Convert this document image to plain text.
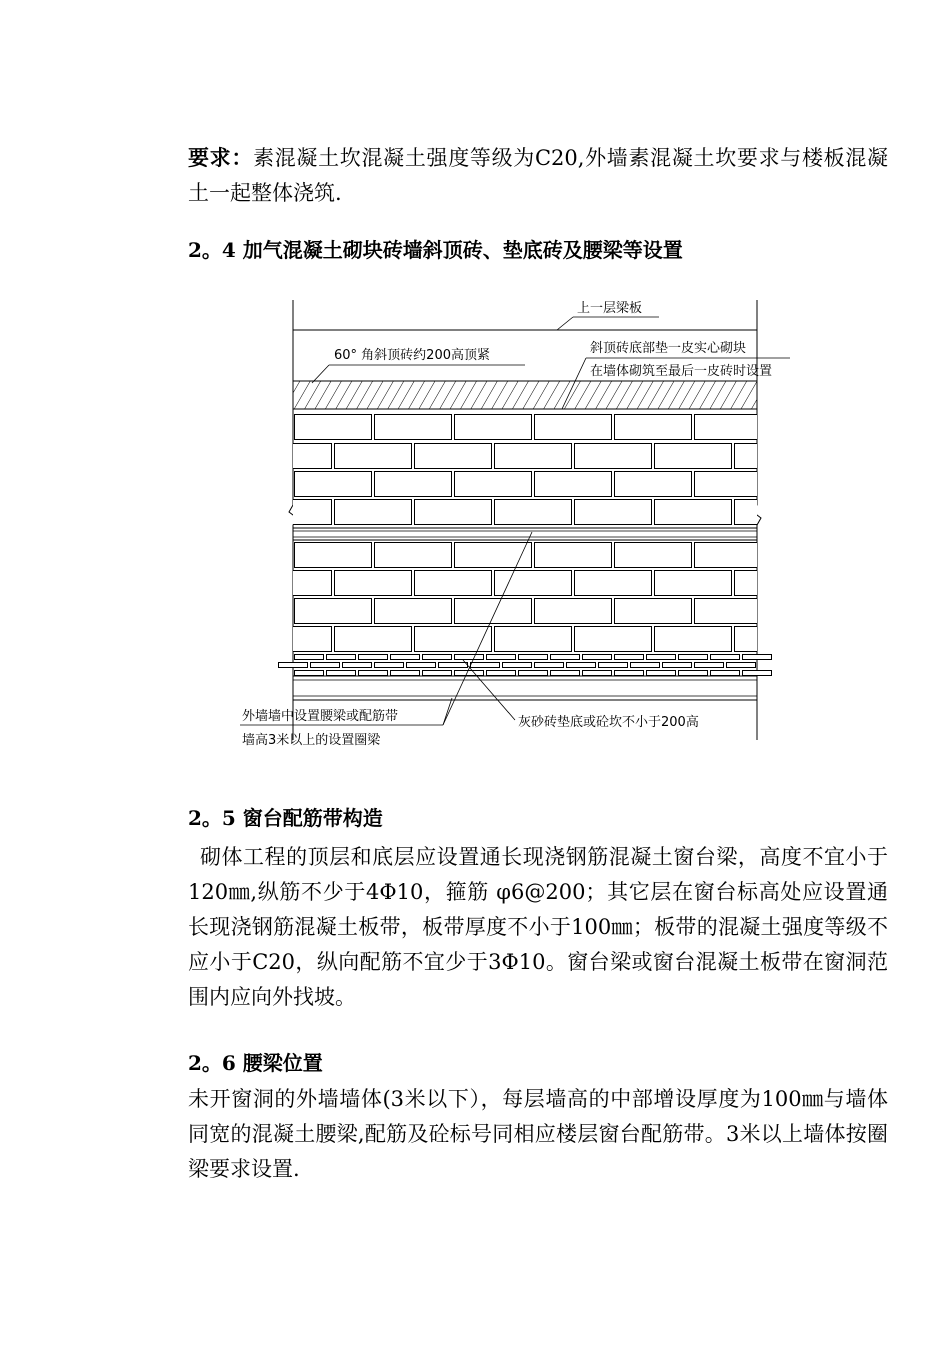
要求：素混凝土坎混凝土强度等级为C20,外墙素混凝土坎要求与楼板混凝土一起整体浇筑.
2。4 加气混凝土砌块砖墙斜顶砖、垫底砖及腰梁等设置
上一层梁板
60° 角斜顶砖约200高顶紧	斜顶砖底部垫一皮实心砌块
在墙体砌筑至最后一皮砖时设置
外墙墙中设置腰梁或配筋带
墙高3米以上的设置圈梁
灰砂砖垫底或砼坎不小于200高
2。5 窗台配筋带构造
砌体工程的顶层和底层应设置通长现浇钢筋混凝土窗台梁，高度不宜小于120㎜,纵筋不少于4Φ10，箍筋 φ6@200；其它层在窗台标高处应设置通长现浇钢筋混凝土板带，板带厚度不小于100㎜；板带的混凝土强度等级不应小于C20，纵向配筋不宜少于3Φ10。窗台梁或窗台混凝土板带在窗洞范围内应向外找坡。
2。6 腰梁位置
未开窗洞的外墙墙体(3米以下），每层墙高的中部增设厚度为100㎜与墙体同宽的混凝土腰梁,配筋及砼标号同相应楼层窗台配筋带。3米以上墙体按圈梁要求设置.
